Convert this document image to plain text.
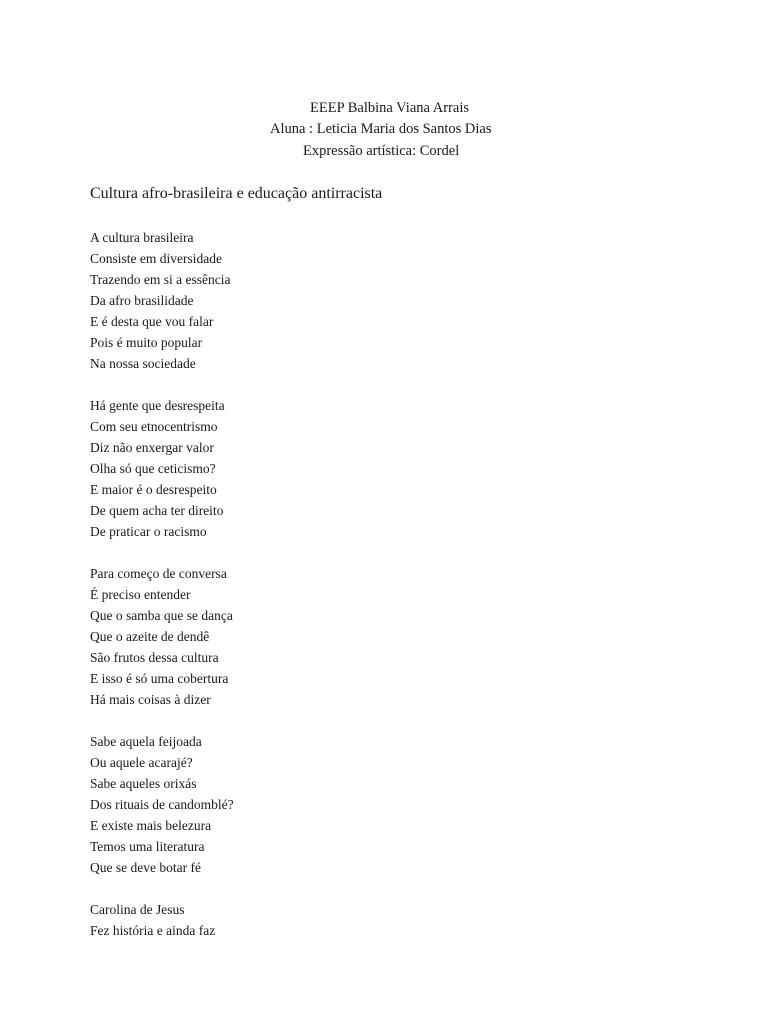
EEEP Balbina Viana Arrais
Aluna : Leticia Maria dos Santos Dias
Expressão artística: Cordel
Cultura afro-brasileira e educação antirracista
A cultura brasileira
Consiste em diversidade
Trazendo em si a essência
Da afro brasilidade
E é desta que vou falar
Pois é muito popular
Na nossa sociedade
Há gente que desrespeita
Com seu etnocentrismo
Diz não enxergar valor
Olha só que ceticismo?
E maior é o desrespeito
De quem acha ter direito
De praticar o racismo
Para começo de conversa
É preciso entender
Que o samba que se dança
Que o azeite de dendê
São frutos dessa cultura
E isso é só uma cobertura
Há mais coisas à dizer
Sabe aquela feijoada
Ou aquele acarajé?
Sabe aqueles orixás
Dos rituais de candomblé?
E existe mais belezura
Temos uma literatura
Que se deve botar fé
Carolina de Jesus
Fez história e ainda faz
